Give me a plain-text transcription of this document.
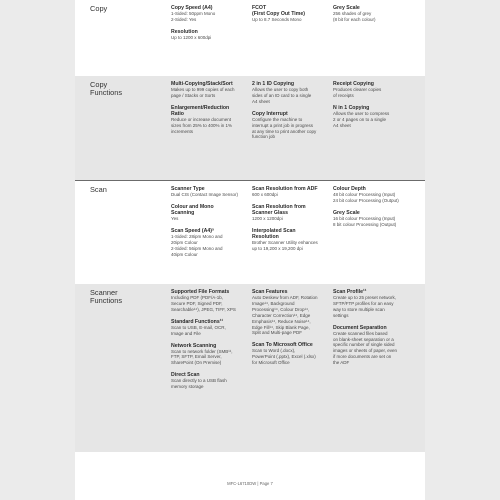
Copy	Copy Speed (A4)
1-Sided: 50ppm Mono
2-Sided: Yes
Resolution
Up to 1200 x 600dpi
FCOT
(First Copy Out Time)
Up to 8.7 Seconds Mono
Grey Scale
256 shades of grey
(8 bit for each colour)
Copy
Functions
Multi-Copying/Stack/Sort
Makes up to 999 copies of each
page / Stacks or Sorts
Enlargement/Reduction
Ratio
Reduce or increase document
sizes from 25% to 400% in 1%
increments
2 in 1 ID Copying
Allows the user to copy both
sides of an ID card to a single
A4 sheet
Copy Interrupt
Configure the machine to
interrupt a print job in progress
at any time to print another copy
function job
Receipt Copying
Produces clearer copies
of receipts
N in 1 Copying
Allows the user to compress
2 or 4 pages on to a single
A4 sheet
Scan	Scanner Type
Dual CIS (Contact Image Sensor)
Colour and Mono
Scanning
Yes
Scan Speed (A4)⁵
1-Sided: 28ipm Mono and
20ipm Colour
2-Sided: 56ipm Mono and
40ipm Colour
Scan Resolution from ADF
600 x 600dpi
Scan Resolution from
Scanner Glass
1200 x 1200dpi
Interpolated Scan
Resolution
Brother Scanner Utility enhances
up to 19,200 x 19,200 dpi
Colour Depth
48 bit colour Processing (Input)
24 bit colour Processing (Output)
Grey Scale
16 bit colour Processing (Input)
8 bit colour Processing (Output)
Scanner
Functions
Supported File Formats
Including PDF (PDF/A-1b,
Secure PDF, Signed PDF,
Searchable¹⁴), JPEG, TIFF, XPS
Standard Functions¹¹
Scan to USB, E-mail, OCR,
Image and File
Network Scanning
Scan to network folder (SMB¹¹,
FTP, SFTP, Email Server,
SharePoint (On Premise)
Direct Scan
Scan directly to a USB flash
memory storage
Scan Features
Auto Deskew from ADF, Rotation
Image¹⁴, Background
Processing¹⁴, Colour Drop¹⁴,
Character Correction¹⁴, Edge
Emphasis¹⁴, Reduce Noise¹⁴,
Edge Fill¹⁴, Skip Blank Page,
Split and Multi-page PDF
Scan To Microsoft Office
Scan to Word (.docx),
PowerPoint (.pptx), Excel (.xlsx)
for Microsoft Office
Scan Profile¹¹
Create up to 25 preset network,
SFTP/FTP profiles for an easy
way to store multiple scan
settings
Document Separation
Create scanned files based
on blank-sheet separation or a
specific number of single sided
images or sheets of paper, even
if more documents are set on
the ADF
MFC-L6710DW | Page 7
